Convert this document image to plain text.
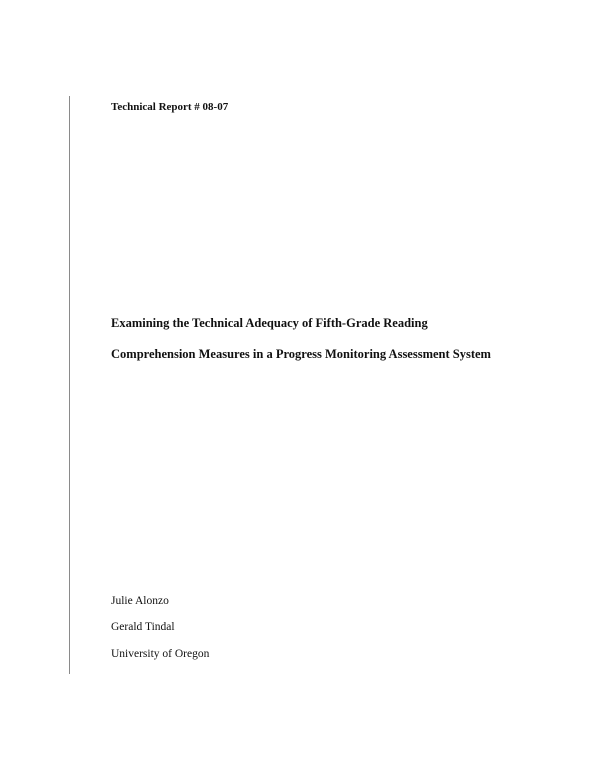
Technical Report # 08-07
Examining the Technical Adequacy of Fifth-Grade Reading
Comprehension Measures in a Progress Monitoring Assessment System
Julie Alonzo
Gerald Tindal
University of Oregon
